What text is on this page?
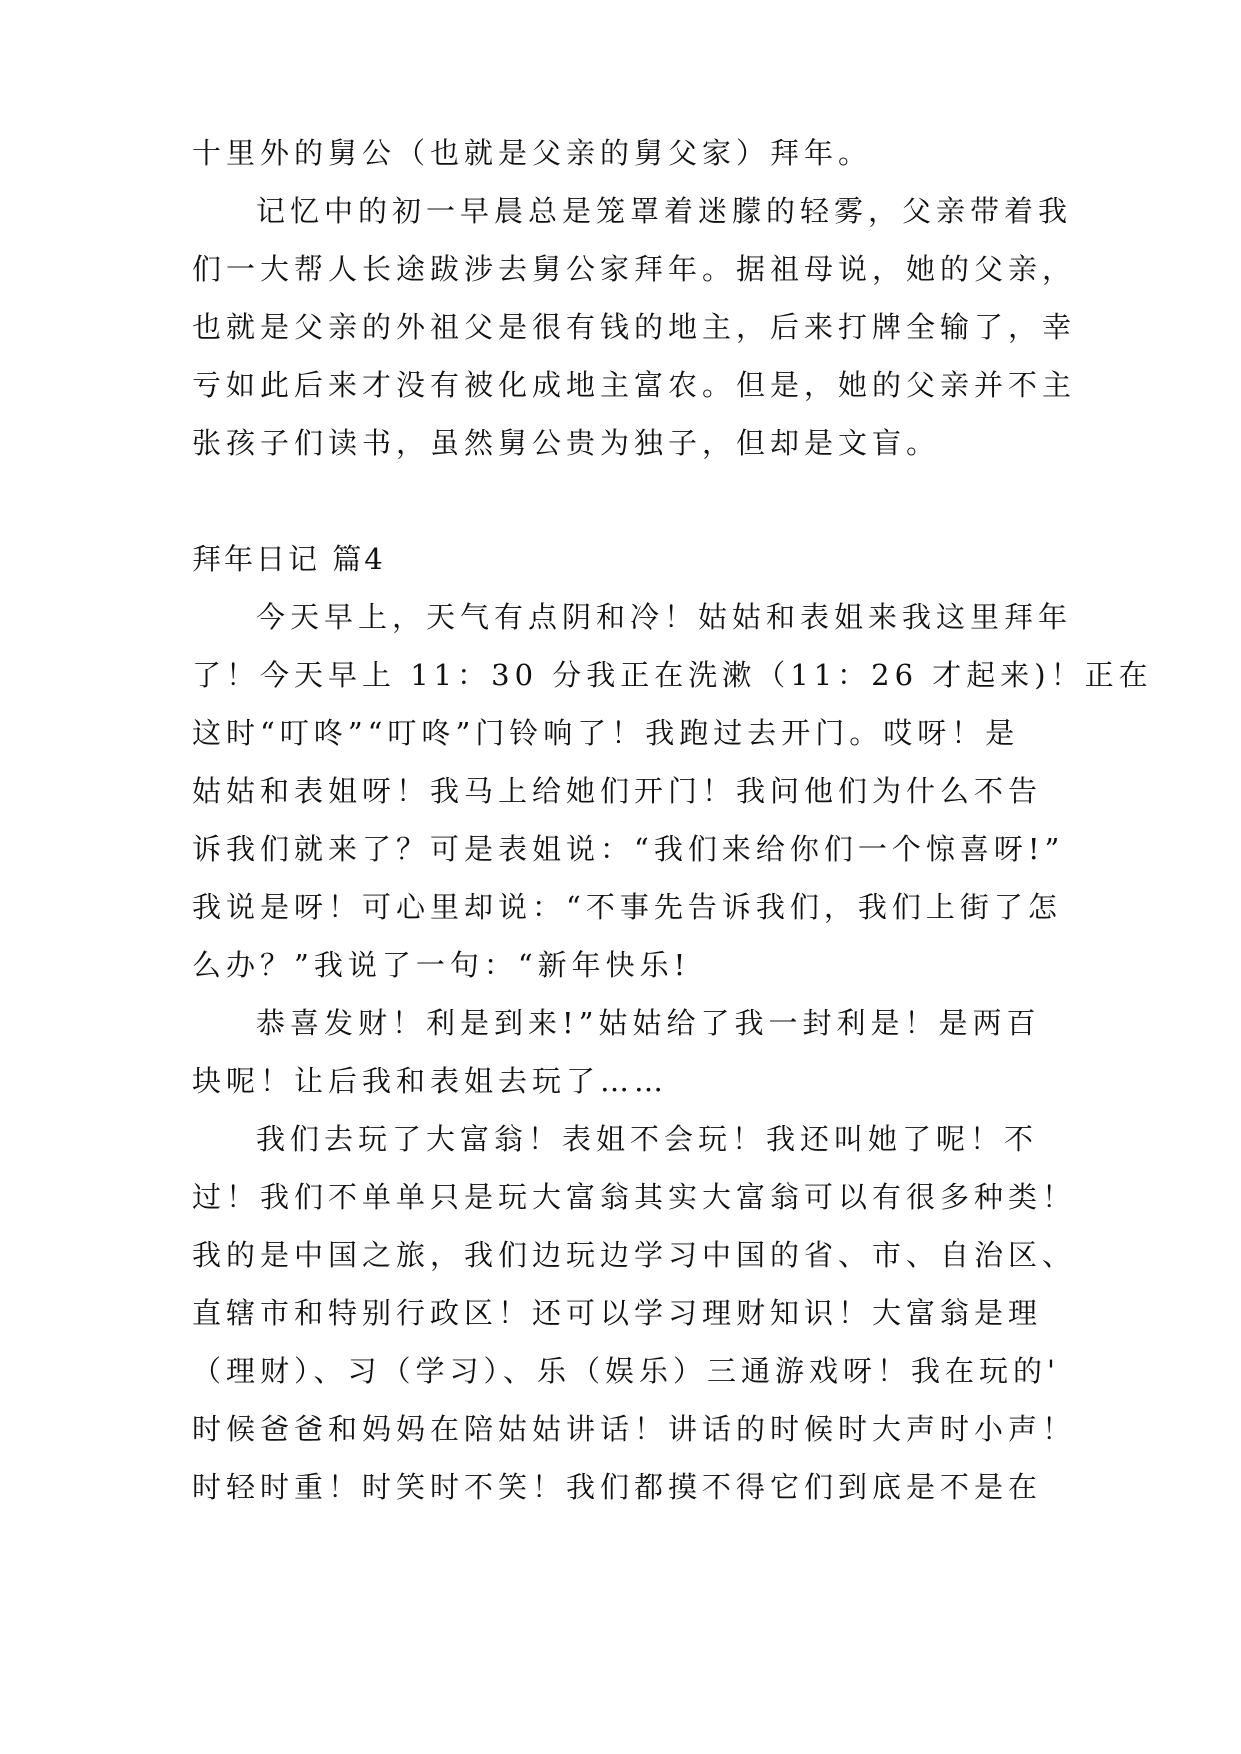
十里外的舅公（也就是父亲的舅父家）拜年。
记忆中的初一早晨总是笼罩着迷朦的轻雾，父亲带着我
们一大帮人长途跋涉去舅公家拜年。据祖母说，她的父亲，
也就是父亲的外祖父是很有钱的地主，后来打牌全输了，幸
亏如此后来才没有被化成地主富农。但是，她的父亲并不主
张孩子们读书，虽然舅公贵为独子，但却是文盲。
拜年日记 篇4
今天早上，天气有点阴和冷！姑姑和表姐来我这里拜年
了！今天早上 11：30 分我正在洗漱（11：26 才起来)！正在
这时“叮咚”“叮咚”门铃响了！我跑过去开门。哎呀！是
姑姑和表姐呀！我马上给她们开门！我问他们为什么不告
诉我们就来了？可是表姐说：“我们来给你们一个惊喜呀!”
我说是呀！可心里却说：“不事先告诉我们，我们上街了怎
么办？”我说了一句：“新年快乐!
恭喜发财！利是到来!”姑姑给了我一封利是！是两百
块呢！让后我和表姐去玩了……
我们去玩了大富翁！表姐不会玩！我还叫她了呢！不
过！我们不单单只是玩大富翁其实大富翁可以有很多种类！
我的是中国之旅，我们边玩边学习中国的省、市、自治区、
直辖市和特别行政区！还可以学习理财知识！大富翁是理
（理财）、习（学习）、乐（娱乐）三通游戏呀！我在玩的'
时候爸爸和妈妈在陪姑姑讲话！讲话的时候时大声时小声！
时轻时重！时笑时不笑！我们都摸不得它们到底是不是在
